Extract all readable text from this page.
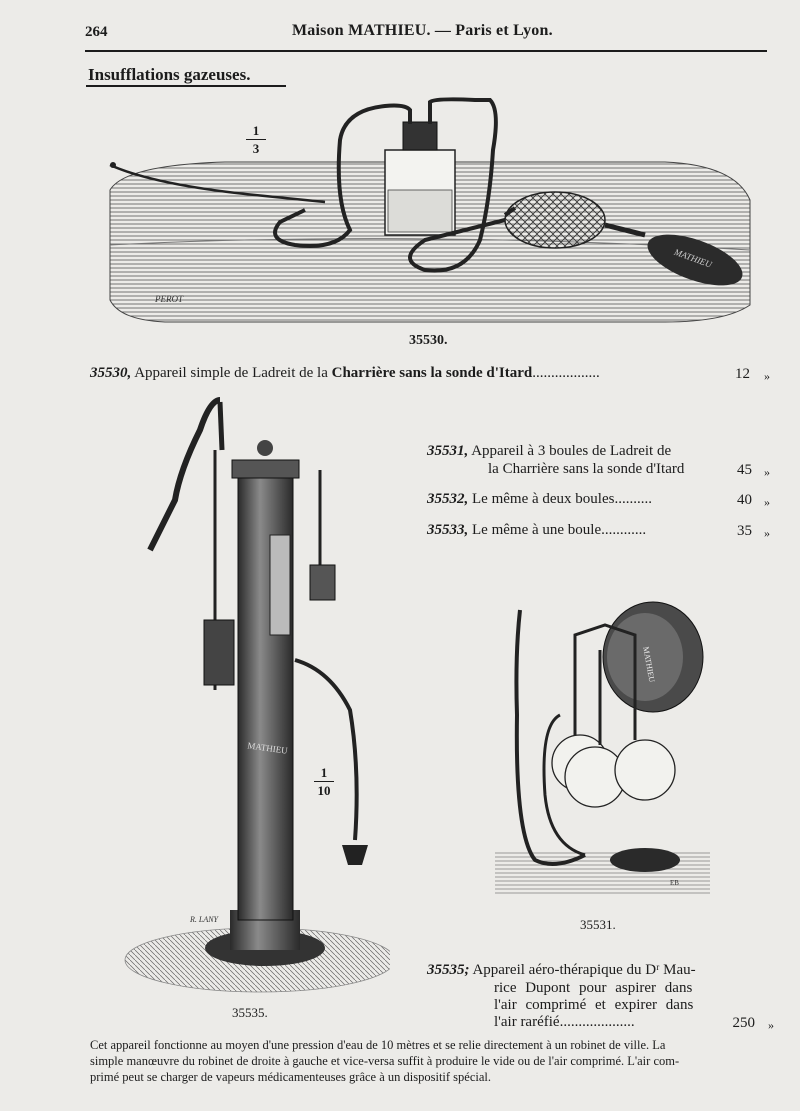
264	Maison MATHIEU. — Paris et Lyon.
Insufflations gazeuses.
MATHIEU
PEROT
1
3
35530.
35530, Appareil simple de Ladreit de la Charrière sans la sonde d'Itard..................	12 »
MATHIEU
R. LANY
1
10
35535.
35531, Appareil à 3 boules de Ladreit de
la Charrière sans la sonde d'Itard	45 »
35532, Le même à deux boules..........	40 »
35533, Le même à une boule............	35 »
MATHIEU
EB
35531.
35535; Appareil aéro-thérapique du Dʳ Mau-
rice Dupont pour aspirer dans
l'air comprimé et expirer dans
l'air raréfié....................	250 »
Cet appareil fonctionne au moyen d'une pression d'eau de 10 mètres et se relie directement à un robinet de ville. La
simple manœuvre du robinet de droite à gauche et vice-versa suffit à produire le vide ou de l'air comprimé. L'air com-
primé peut se charger de vapeurs médicamenteuses grâce à un dispositif spécial.
